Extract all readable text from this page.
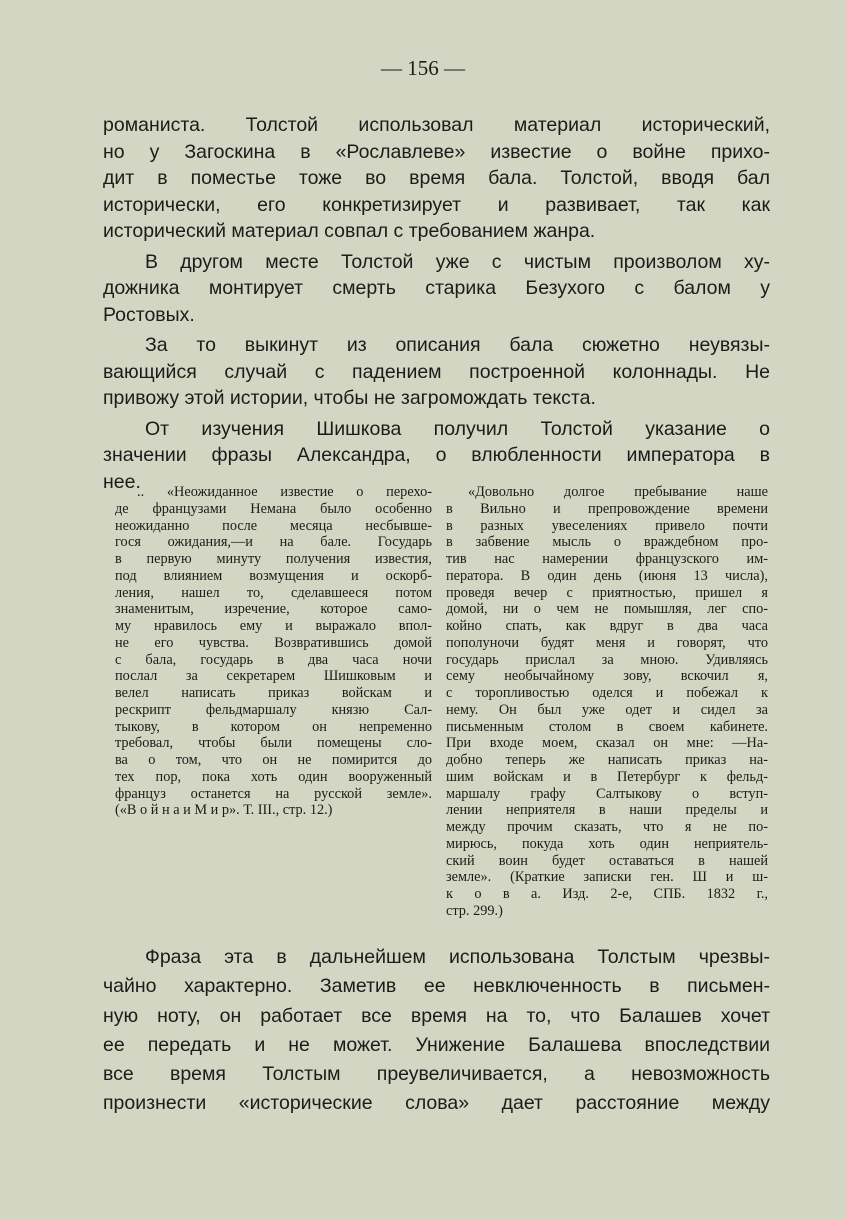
— 156 —
романиста. Толстой использовал материал исторический,
но у Загоскина в «Рославлеве» известие о войне прихо-
дит в поместье тоже во время бала. Толстой, вводя бал
исторически, его конкретизирует и развивает, так как
исторический материал совпал с требованием жанра.
В другом месте Толстой уже с чистым произволом ху-
дожника монтирует смерть старика Безухого с балом у
Ростовых.
За то выкинут из описания бала сюжетно неувязы-
вающийся случай с падением построенной колоннады. Не
привожу этой истории, чтобы не загромождать текста.
От изучения Шишкова получил Толстой указание о
значении фразы Александра, о влюбленности императора в
нее.
.. «Неожиданное известие о перехо-
де французами Немана было особенно
неожиданно после месяца несбывше-
гося ожидания,—и на бале. Государь
в первую минуту получения известия,
под влиянием возмущения и оскорб-
ления, нашел то, сделавшееся потом
знаменитым, изречение, которое само-
му нравилось ему и выражало впол-
не его чувства. Возвратившись домой
с бала, государь в два часа ночи
послал за секретарем Шишковым и
велел написать приказ войскам и
рескрипт фельдмаршалу князю Сал-
тыкову, в котором он непременно
требовал, чтобы были помещены сло-
ва о том, что он не помирится до
тех пор, пока хоть один вооруженный
француз останется на русской земле».
(«В о й н а и М и р». Т. III., стр. 12.)
«Довольно долгое пребывание наше
в Вильно и препровождение времени
в разных увеселениях привело почти
в забвение мысль о враждебном про-
тив нас намерении французского им-
ператора. В один день (июня 13 числа),
проведя вечер с приятностью, пришел я
домой, ни о чем не помышляя, лег спо-
койно спать, как вдруг в два часа
пополуночи будят меня и говорят, что
государь прислал за мною. Удивляясь
сему необычайному зову, вскочил я,
с торопливостью оделся и побежал к
нему. Он был уже одет и сидел за
письменным столом в своем кабинете.
При входе моем, сказал он мне: —На-
добно теперь же написать приказ на-
шим войскам и в Петербург к фельд-
маршалу графу Салтыкову о вступ-
лении неприятеля в наши пределы и
между прочим сказать, что я не по-
мирюсь, покуда хоть один неприятель-
ский воин будет оставаться в нашей
земле». (Краткие записки ген. Ш и ш-
к о в а. Изд. 2-е, СПБ. 1832 г.,
стр. 299.)
Фраза эта в дальнейшем использована Толстым чрезвы-
чайно характерно. Заметив ее невключенность в письмен-
ную ноту, он работает все время на то, что Балашев хочет
ее передать и не может. Унижение Балашева впоследствии
все время Толстым преувеличивается, а невозможность
произнести «исторические слова» дает расстояние между
